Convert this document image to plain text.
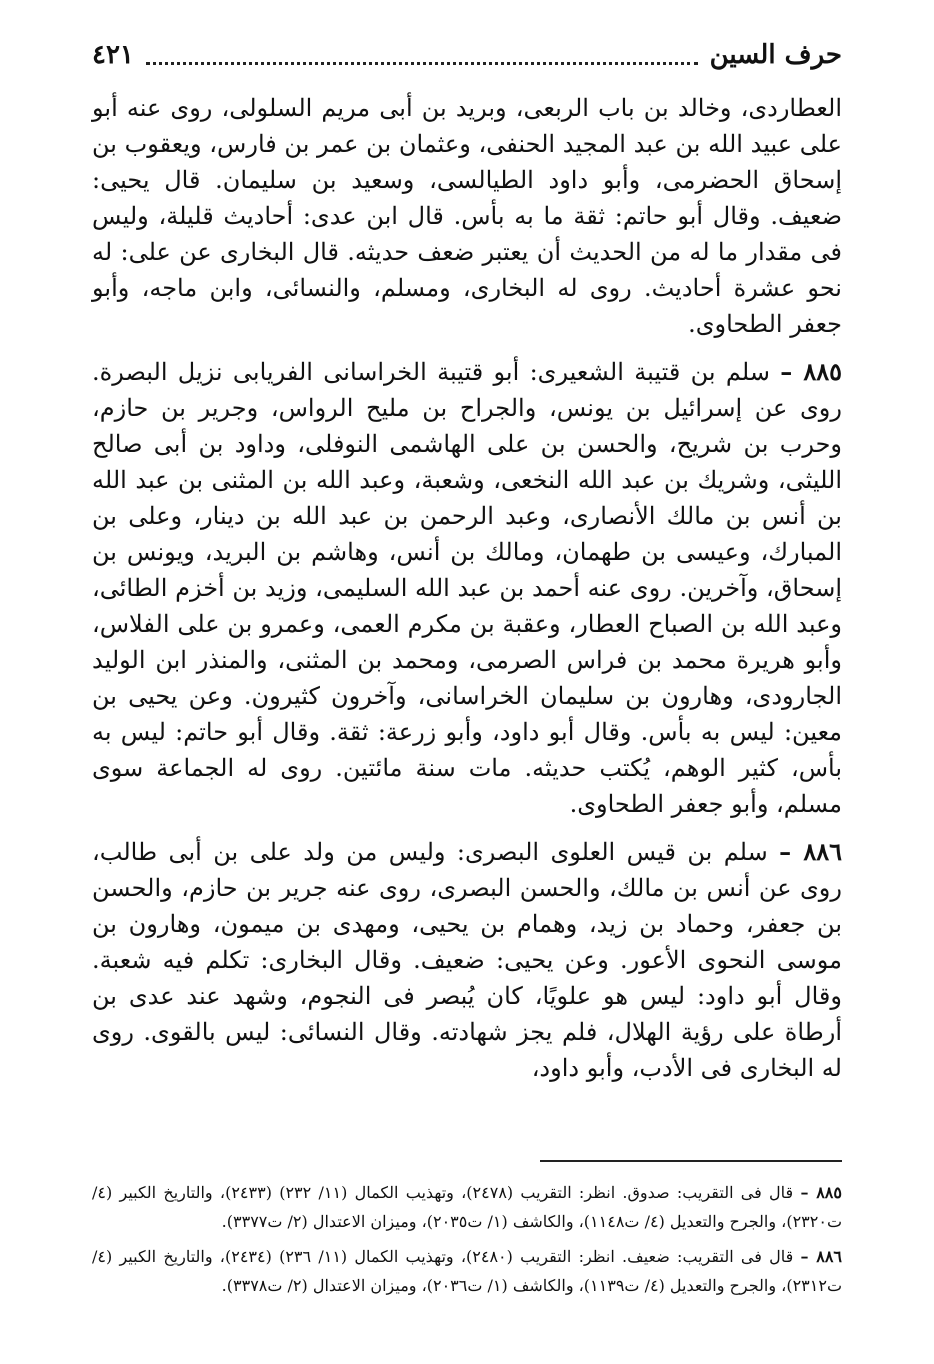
حرف السين
٤٢١

العطاردى، وخالد بن باب الربعى، وبريد بن أبى مريم السلولى، روى عنه أبو على عبيد الله بن عبد المجيد الحنفى، وعثمان بن عمر بن فارس، ويعقوب بن إسحاق الحضرمى، وأبو داود الطيالسى، وسعيد بن سليمان. قال يحيى: ضعيف. وقال أبو حاتم: ثقة ما به بأس. قال ابن عدى: أحاديث قليلة، وليس فى مقدار ما له من الحديث أن يعتبر ضعف حديثه. قال البخارى عن على: له نحو عشرة أحاديث. روى له البخارى، ومسلم، والنسائى، وابن ماجه، وأبو جعفر الطحاوى.

٨٨٥ – سلم بن قتيبة الشعيرى: أبو قتيبة الخراسانى الفريابى نزيل البصرة. روى عن إسرائيل بن يونس، والجراح بن مليح الرواس، وجرير بن حازم، وحرب بن شريح، والحسن بن على الهاشمى النوفلى، وداود بن أبى صالح الليثى، وشريك بن عبد الله النخعى، وشعبة، وعبد الله بن المثنى بن عبد الله بن أنس بن مالك الأنصارى، وعبد الرحمن بن عبد الله بن دينار، وعلى بن المبارك، وعيسى بن طهمان، ومالك بن أنس، وهاشم بن البريد، ويونس بن إسحاق، وآخرين. روى عنه أحمد بن عبد الله السليمى، وزيد بن أخزم الطائى، وعبد الله بن الصباح العطار، وعقبة بن مكرم العمى، وعمرو بن على الفلاس، وأبو هريرة محمد بن فراس الصرمى، ومحمد بن المثنى، والمنذر ابن الوليد الجارودى، وهارون بن سليمان الخراسانى، وآخرون كثيرون. وعن يحيى بن معين: ليس به بأس. وقال أبو داود، وأبو زرعة: ثقة. وقال أبو حاتم: ليس به بأس، كثير الوهم، يُكتب حديثه. مات سنة مائتين. روى له الجماعة سوى مسلم، وأبو جعفر الطحاوى.

٨٨٦ – سلم بن قيس العلوى البصرى: وليس من ولد على بن أبى طالب، روى عن أنس بن مالك، والحسن البصرى، روى عنه جرير بن حازم، والحسن بن جعفر، وحماد بن زيد، وهمام بن يحيى، ومهدى بن ميمون، وهارون بن موسى النحوى الأعور. وعن يحيى: ضعيف. وقال البخارى: تكلم فيه شعبة. وقال أبو داود: ليس هو علويًا، كان يُبصر فى النجوم، وشهد عند عدى بن أرطاة على رؤية الهلال، فلم يجز شهادته. وقال النسائى: ليس بالقوى. روى له البخارى فى الأدب، وأبو داود،

٨٨٥ – قال فى التقريب: صدوق. انظر: التقريب (٢٤٧٨)، وتهذيب الكمال (١١/ ٢٣٢) (٢٤٣٣)، والتاريخ الكبير (٤/ ت٢٣٢٠)، والجرح والتعديل (٤/ ت١١٤٨)، والكاشف (١/ ت٢٠٣٥)، وميزان الاعتدال (٢/ ت٣٣٧٧).

٨٨٦ – قال فى التقريب: ضعيف. انظر: التقريب (٢٤٨٠)، وتهذيب الكمال (١١/ ٢٣٦) (٢٤٣٤)، والتاريخ الكبير (٤/ ت٢٣١٢)، والجرح والتعديل (٤/ ت١١٣٩)، والكاشف (١/ ت٢٠٣٦)، وميزان الاعتدال (٢/ ت٣٣٧٨).
